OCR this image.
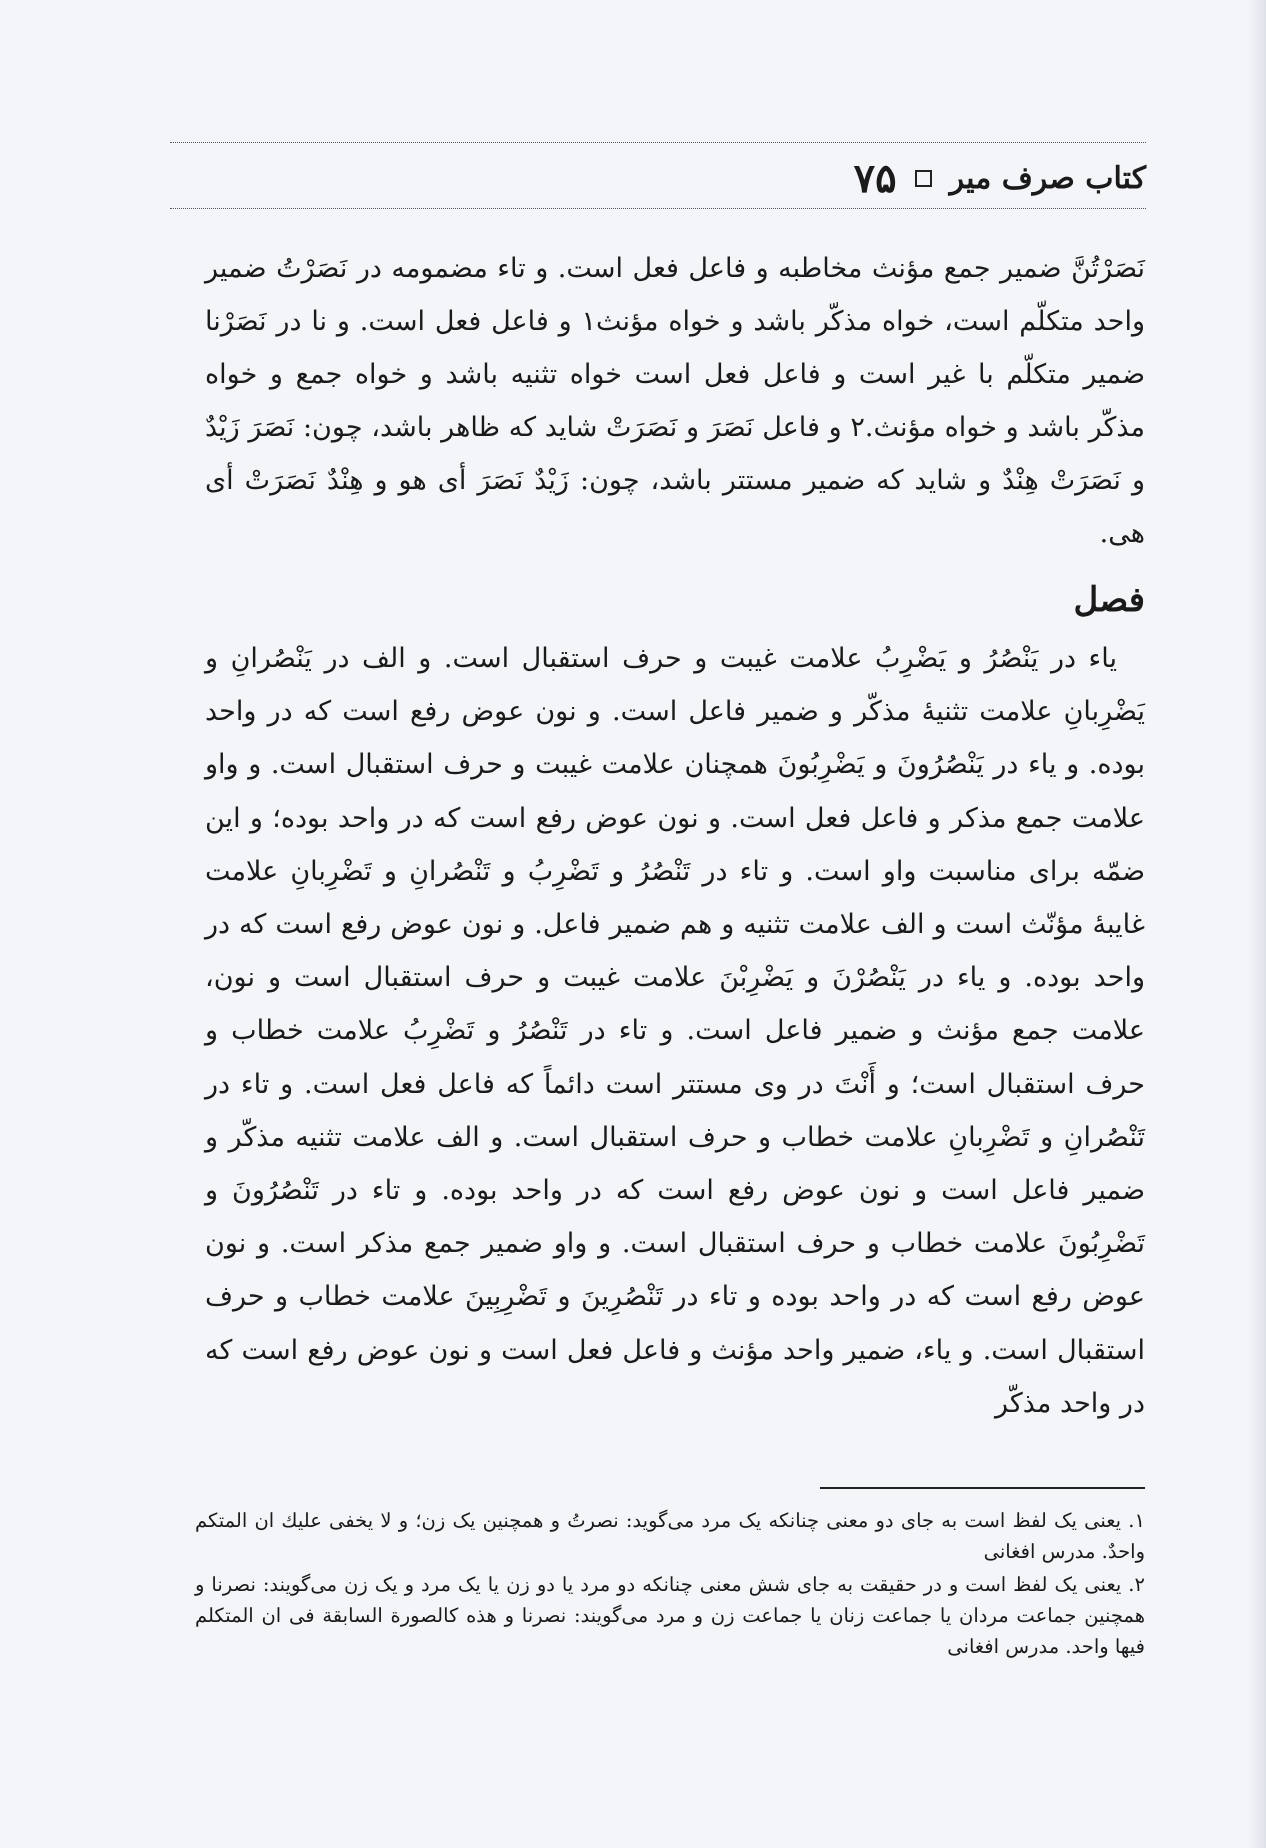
کتاب صرف میر
۷۵

نَصَرْتُنَّ ضمیر جمع مؤنث مخاطبه و فاعل فعل است. و تاء مضمومه در نَصَرْتُ ضمیر واحد متکلّم است، خواه مذکّر باشد و خواه مؤنث۱ و فاعل فعل است. و نا در نَصَرْنا ضمیر متکلّم با غیر است و فاعل فعل است خواه تثنیه باشد و خواه جمع و خواه مذکّر باشد و خواه مؤنث.۲ و فاعل نَصَرَ و نَصَرَتْ شاید که ظاهر باشد، چون: نَصَرَ زَیْدٌ و نَصَرَتْ هِنْدٌ و شاید که ضمیر مستتر باشد، چون: زَیْدٌ نَصَرَ أی هو و هِنْدٌ نَصَرَتْ أی هی.

فصل

یاء در یَنْصُرُ و یَضْرِبُ علامت غیبت و حرف استقبال است. و الف در یَنْصُرانِ و یَضْرِبانِ علامت تثنیهٔ مذکّر و ضمیر فاعل است. و نون عوض رفع است که در واحد بوده. و یاء در یَنْصُرُونَ و یَضْرِبُونَ همچنان علامت غیبت و حرف استقبال است. و واو علامت جمع مذکر و فاعل فعل است. و نون عوض رفع است که در واحد بوده؛ و این ضمّه برای مناسبت واو است. و تاء در تَنْصُرُ و تَضْرِبُ و تَنْصُرانِ و تَضْرِبانِ علامت غایبهٔ مؤنّث است و الف علامت تثنیه و هم ضمیر فاعل. و نون عوض رفع است که در واحد بوده. و یاء در یَنْصُرْنَ و یَضْرِبْنَ علامت غیبت و حرف استقبال است و نون، علامت جمع مؤنث و ضمیر فاعل است. و تاء در تَنْصُرُ و تَضْرِبُ علامت خطاب و حرف استقبال است؛ و أَنْتَ در وی مستتر است دائماً که فاعل فعل است. و تاء در تَنْصُرانِ و تَضْرِبانِ علامت خطاب و حرف استقبال است. و الف علامت تثنیه مذکّر و ضمیر فاعل است و نون عوض رفع است که در واحد بوده. و تاء در تَنْصُرُونَ و تَضْرِبُونَ علامت خطاب و حرف استقبال است. و واو ضمیر جمع مذکر است. و نون عوض رفع است که در واحد بوده و تاء در تَنْصُرِینَ و تَضْرِبِینَ علامت خطاب و حرف استقبال است. و یاء، ضمیر واحد مؤنث و فاعل فعل است و نون عوض رفع است که در واحد مذکّر

۱. یعنی یک لفظ است به جای دو معنی چنانکه یک مرد می‌گوید: نصرتُ و همچنین یک زن؛ و لا یخفی علیك ان المتکم واحدٌ. مدرس افغانی

۲. یعنی یک لفظ است و در حقیقت به جای شش معنی چنانکه دو مرد یا دو زن یا یک مرد و یک زن می‌گویند: نصرنا و همچنین جماعت مردان یا جماعت زنان یا جماعت زن و مرد می‌گویند: نصرنا و هذه کالصورة السابقة فی ان المتکلم فیها واحد. مدرس افغانی
